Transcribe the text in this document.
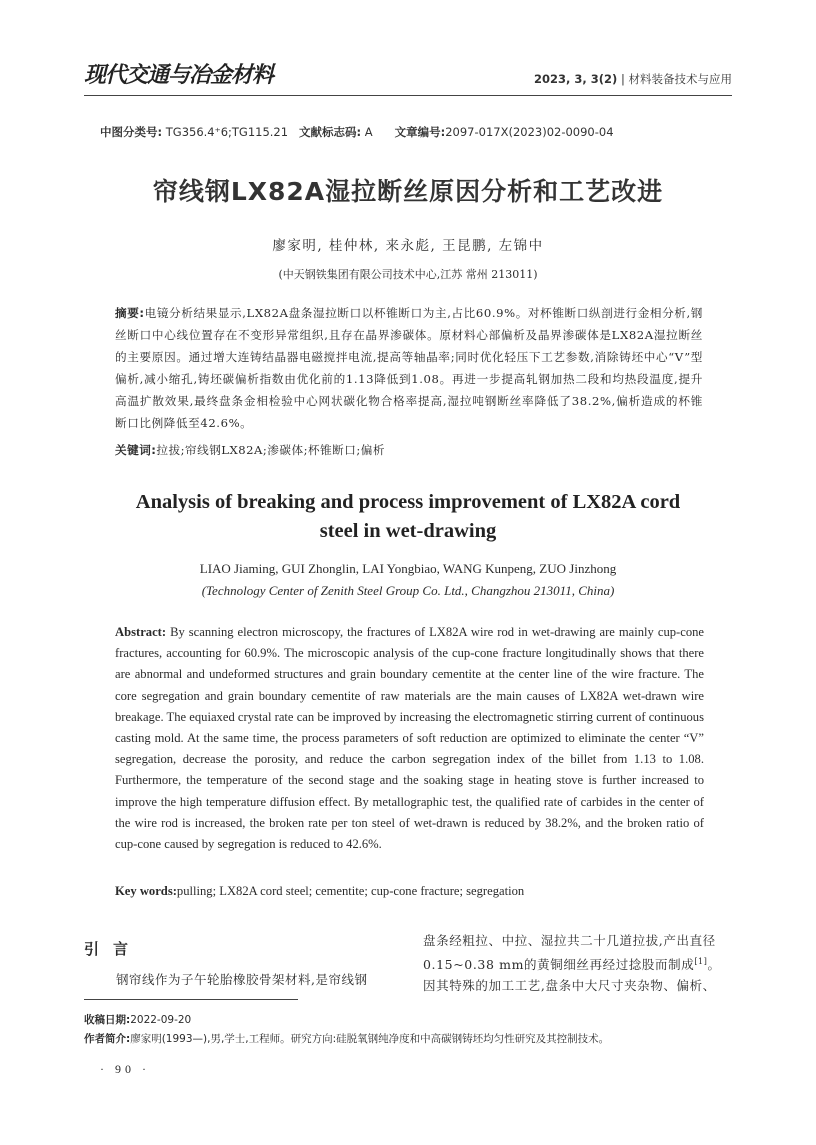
现代交通与冶金材料	2023, 3, 3(2) | 材料装备技术与应用
中图分类号: TG356.4⁺6;TG115.21 文献标志码: A 文章编号:2097-017X(2023)02-0090-04
帘线钢LX82A湿拉断丝原因分析和工艺改进
廖家明, 桂仲林, 来永彪, 王昆鹏, 左锦中
(中天钢铁集团有限公司技术中心,江苏 常州 213011)
摘要:电镜分析结果显示,LX82A盘条湿拉断口以杯锥断口为主,占比60.9%。对杯锥断口纵剖进行金相分析,钢丝断口中心线位置存在不变形异常组织,且存在晶界渗碳体。原材料心部偏析及晶界渗碳体是LX82A湿拉断丝的主要原因。通过增大连铸结晶器电磁搅拌电流,提高等轴晶率;同时优化轻压下工艺参数,消除铸坯中心“V”型偏析,减小缩孔,铸坯碳偏析指数由优化前的1.13降低到1.08。再进一步提高轧钢加热二段和均热段温度,提升高温扩散效果,最终盘条金相检验中心网状碳化物合格率提高,湿拉吨钢断丝率降低了38.2%,偏析造成的杯锥断口比例降低至42.6%。
关键词:拉拔;帘线钢LX82A;渗碳体;杯锥断口;偏析
Analysis of breaking and process improvement of LX82A cord
steel in wet-drawing
LIAO Jiaming, GUI Zhonglin, LAI Yongbiao, WANG Kunpeng, ZUO Jinzhong
(Technology Center of Zenith Steel Group Co. Ltd., Changzhou 213011, China)
Abstract: By scanning electron microscopy, the fractures of LX82A wire rod in wet-drawing are mainly cup-cone fractures, accounting for 60.9%. The microscopic analysis of the cup-cone fracture longitudinally shows that there are abnormal and undeformed structures and grain boundary cementite at the center line of the wire fracture. The core segregation and grain boundary cementite of raw materials are the main causes of LX82A wet-drawn wire breakage. The equiaxed crystal rate can be improved by increasing the electromagnetic stirring current of continuous casting mold. At the same time, the process parameters of soft reduction are optimized to eliminate the center “V” segregation, decrease the porosity, and reduce the carbon segregation index of the billet from 1.13 to 1.08. Furthermore, the temperature of the second stage and the soaking stage in heating stove is further increased to improve the high temperature diffusion effect. By metallographic test, the qualified rate of carbides in the center of the wire rod is increased, the broken rate per ton steel of wet-drawn is reduced by 38.2%, and the broken ratio of cup-cone caused by segregation is reduced to 42.6%.
Key words:pulling; LX82A cord steel; cementite; cup-cone fracture; segregation
引言
钢帘线作为子午轮胎橡胶骨架材料,是帘线钢
盘条经粗拉、中拉、湿拉共二十几道拉拔,产出直径
0.15~0.38 mm的黄铜细丝再经过捻股而制成[1]。
因其特殊的加工工艺,盘条中大尺寸夹杂物、偏析、
收稿日期:2022-09-20
作者简介:廖家明(1993—),男,学士,工程师。研究方向:硅脱氧钢纯净度和中高碳钢铸坯均匀性研究及其控制技术。
· 90 ·
